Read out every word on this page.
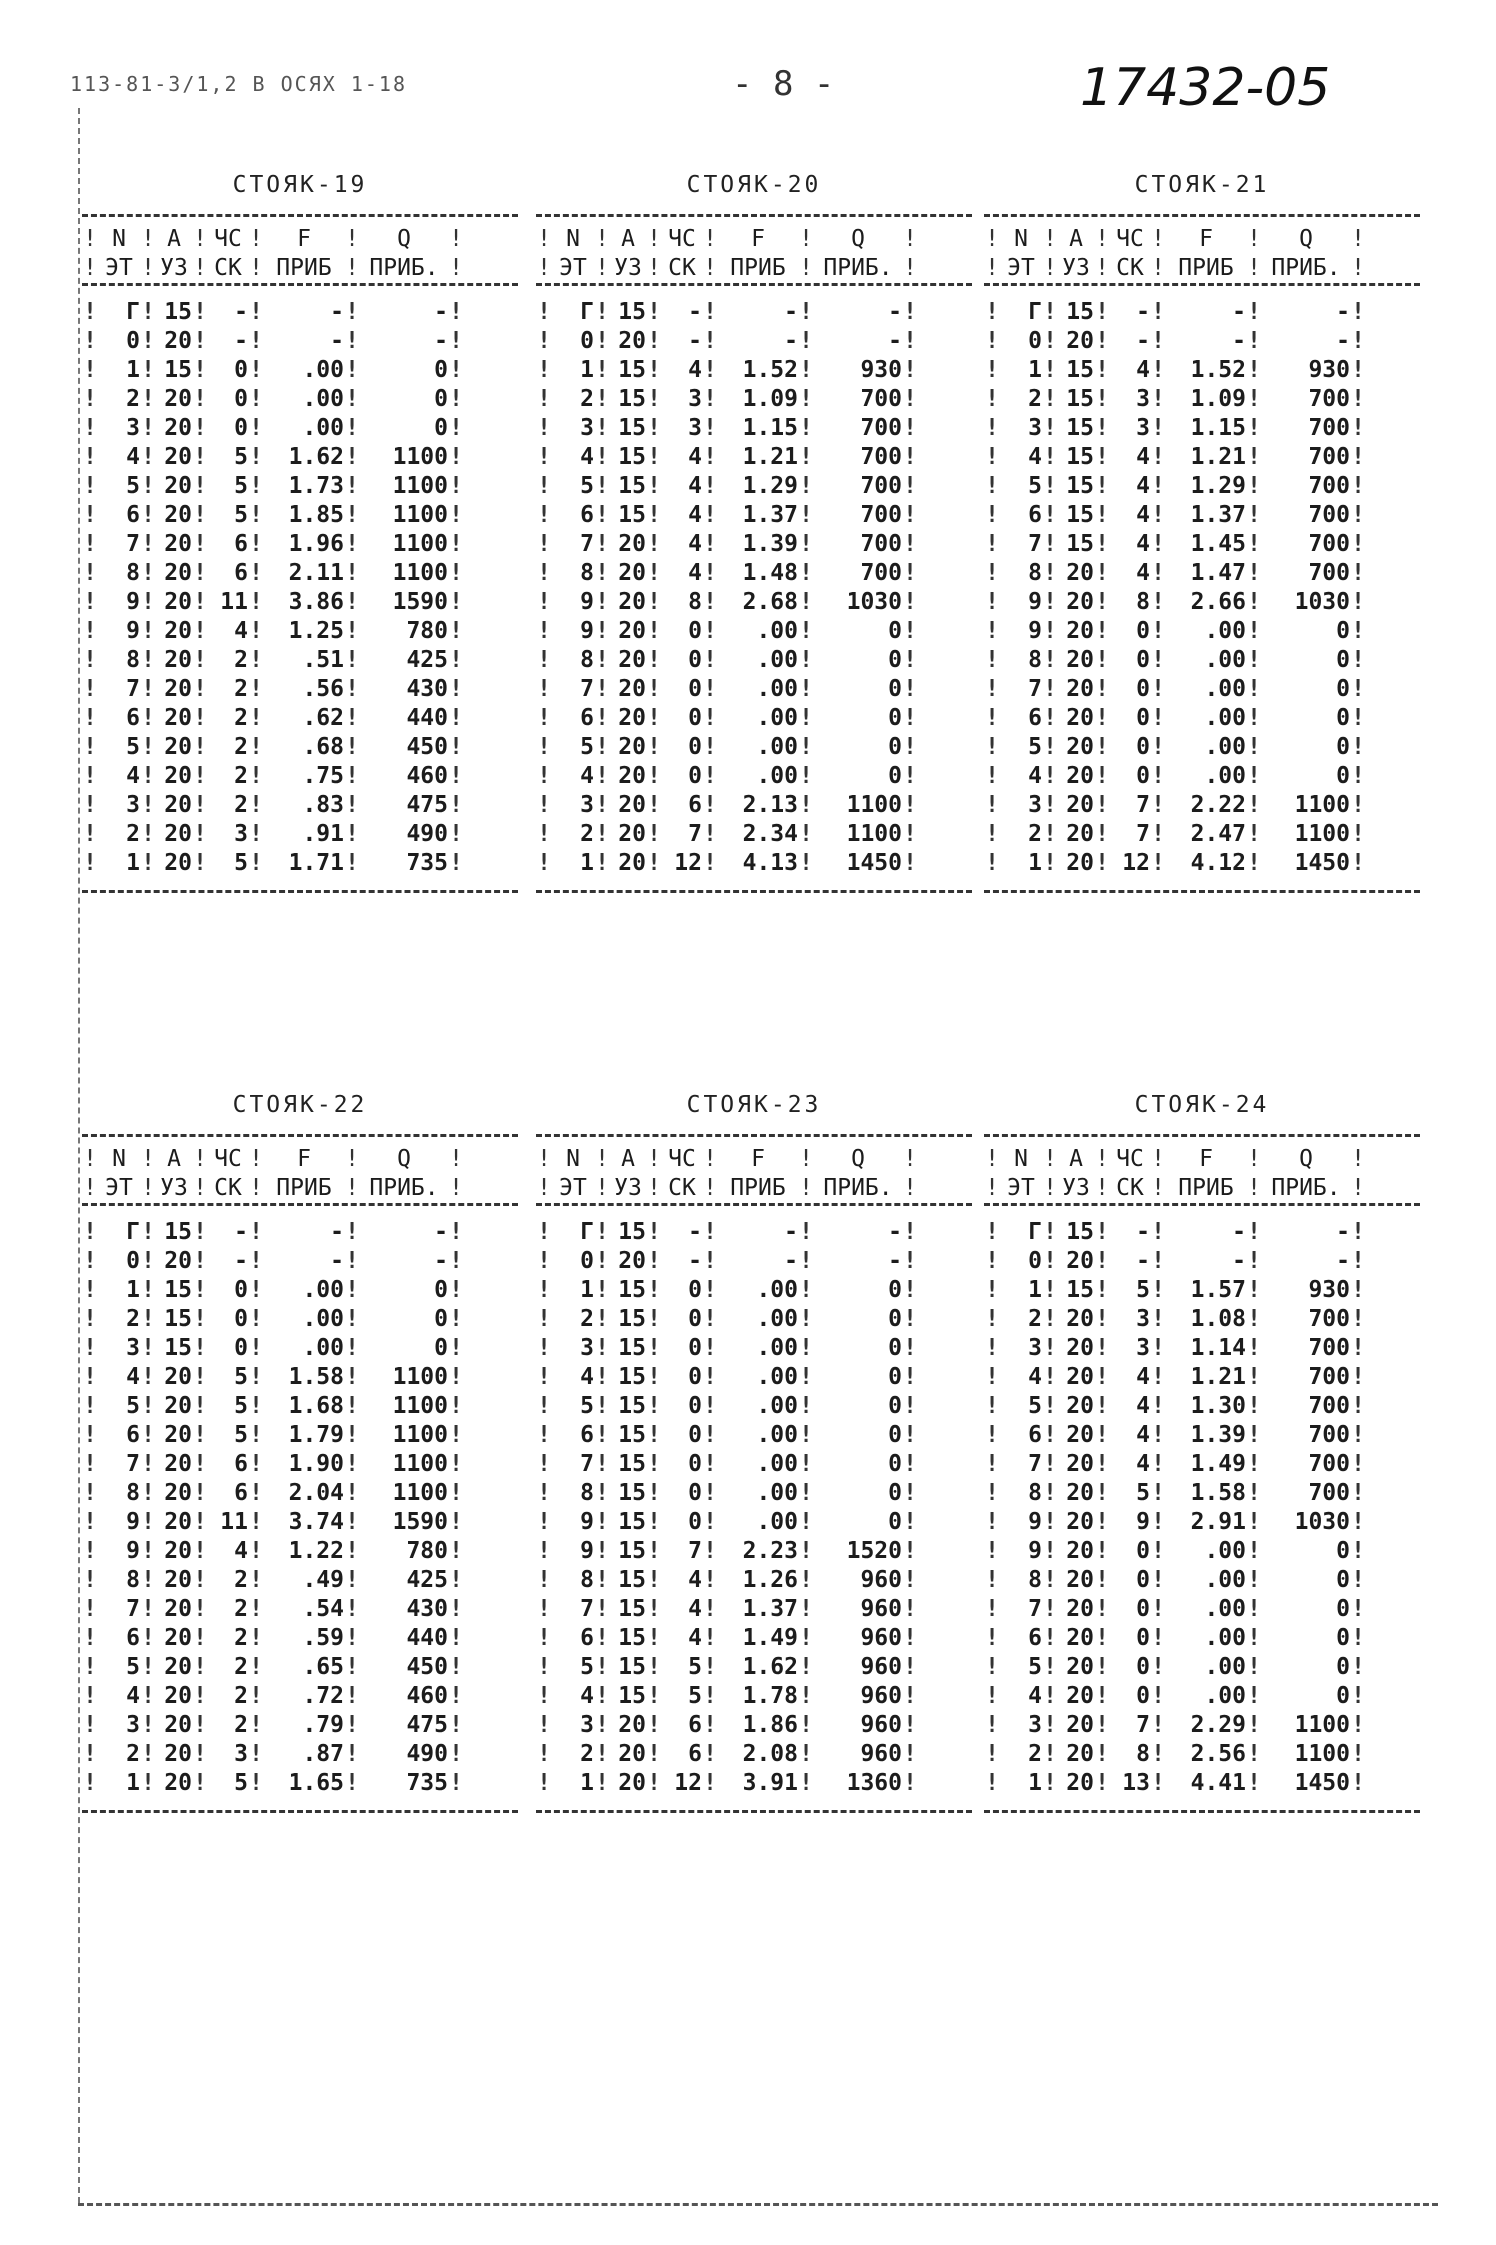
113-81-3/1,2 В ОСЯХ 1-18	- 8 -	17432-05
СТОЯК-19
! N ! А ! ЧС !	F	!	Q	!
! ЭТ ! УЗ ! СК ! ПРИБ ! ПРИБ. !
!	Г ! 15 !	- !	- !	- !
!	0 ! 20 !	- !	- !	- !
!	1 ! 15 !	0 !	.00 !	0 !
!	2 ! 20 !	0 !	.00 !	0 !
!	3 ! 20 !	0 !	.00 !	0 !
!	4 ! 20 !	5 !	1.62 !	1100 !
!	5 ! 20 !	5 !	1.73 !	1100 !
!	6 ! 20 !	5 !	1.85 !	1100 !
!	7 ! 20 !	6 !	1.96 !	1100 !
!	8 ! 20 !	6 !	2.11 !	1100 !
!	9 ! 20 ! 11 !	3.86 !	1590 !
!	9 ! 20 !	4 !	1.25 !	780 !
!	8 ! 20 !	2 !	.51 !	425 !
!	7 ! 20 !	2 !	.56 !	430 !
!	6 ! 20 !	2 !	.62 !	440 !
!	5 ! 20 !	2 !	.68 !	450 !
!	4 ! 20 !	2 !	.75 !	460 !
!	3 ! 20 !	2 !	.83 !	475 !
!	2 ! 20 !	3 !	.91 !	490 !
!	1 ! 20 !	5 !	1.71 !	735 !
СТОЯК-20
! N ! А ! ЧС !	F	!	Q	!
! ЭТ ! УЗ ! СК ! ПРИБ ! ПРИБ. !
!	Г ! 15 !	- !	- !	- !
!	0 ! 20 !	- !	- !	- !
!	1 ! 15 !	4 !	1.52 !	930 !
!	2 ! 15 !	3 !	1.09 !	700 !
!	3 ! 15 !	3 !	1.15 !	700 !
!	4 ! 15 !	4 !	1.21 !	700 !
!	5 ! 15 !	4 !	1.29 !	700 !
!	6 ! 15 !	4 !	1.37 !	700 !
!	7 ! 20 !	4 !	1.39 !	700 !
!	8 ! 20 !	4 !	1.48 !	700 !
!	9 ! 20 !	8 !	2.68 !	1030 !
!	9 ! 20 !	0 !	.00 !	0 !
!	8 ! 20 !	0 !	.00 !	0 !
!	7 ! 20 !	0 !	.00 !	0 !
!	6 ! 20 !	0 !	.00 !	0 !
!	5 ! 20 !	0 !	.00 !	0 !
!	4 ! 20 !	0 !	.00 !	0 !
!	3 ! 20 !	6 !	2.13 !	1100 !
!	2 ! 20 !	7 !	2.34 !	1100 !
!	1 ! 20 ! 12 !	4.13 !	1450 !
СТОЯК-21
! N ! А ! ЧС !	F	!	Q	!
! ЭТ ! УЗ ! СК ! ПРИБ ! ПРИБ. !
!	Г ! 15 !	- !	- !	- !
!	0 ! 20 !	- !	- !	- !
!	1 ! 15 !	4 !	1.52 !	930 !
!	2 ! 15 !	3 !	1.09 !	700 !
!	3 ! 15 !	3 !	1.15 !	700 !
!	4 ! 15 !	4 !	1.21 !	700 !
!	5 ! 15 !	4 !	1.29 !	700 !
!	6 ! 15 !	4 !	1.37 !	700 !
!	7 ! 15 !	4 !	1.45 !	700 !
!	8 ! 20 !	4 !	1.47 !	700 !
!	9 ! 20 !	8 !	2.66 !	1030 !
!	9 ! 20 !	0 !	.00 !	0 !
!	8 ! 20 !	0 !	.00 !	0 !
!	7 ! 20 !	0 !	.00 !	0 !
!	6 ! 20 !	0 !	.00 !	0 !
!	5 ! 20 !	0 !	.00 !	0 !
!	4 ! 20 !	0 !	.00 !	0 !
!	3 ! 20 !	7 !	2.22 !	1100 !
!	2 ! 20 !	7 !	2.47 !	1100 !
!	1 ! 20 ! 12 !	4.12 !	1450 !
СТОЯК-22
! N ! А ! ЧС !	F	!	Q	!
! ЭТ ! УЗ ! СК ! ПРИБ ! ПРИБ. !
!	Г ! 15 !	- !	- !	- !
!	0 ! 20 !	- !	- !	- !
!	1 ! 15 !	0 !	.00 !	0 !
!	2 ! 15 !	0 !	.00 !	0 !
!	3 ! 15 !	0 !	.00 !	0 !
!	4 ! 20 !	5 !	1.58 !	1100 !
!	5 ! 20 !	5 !	1.68 !	1100 !
!	6 ! 20 !	5 !	1.79 !	1100 !
!	7 ! 20 !	6 !	1.90 !	1100 !
!	8 ! 20 !	6 !	2.04 !	1100 !
!	9 ! 20 ! 11 !	3.74 !	1590 !
!	9 ! 20 !	4 !	1.22 !	780 !
!	8 ! 20 !	2 !	.49 !	425 !
!	7 ! 20 !	2 !	.54 !	430 !
!	6 ! 20 !	2 !	.59 !	440 !
!	5 ! 20 !	2 !	.65 !	450 !
!	4 ! 20 !	2 !	.72 !	460 !
!	3 ! 20 !	2 !	.79 !	475 !
!	2 ! 20 !	3 !	.87 !	490 !
!	1 ! 20 !	5 !	1.65 !	735 !
СТОЯК-23
! N ! А ! ЧС !	F	!	Q	!
! ЭТ ! УЗ ! СК ! ПРИБ ! ПРИБ. !
!	Г ! 15 !	- !	- !	- !
!	0 ! 20 !	- !	- !	- !
!	1 ! 15 !	0 !	.00 !	0 !
!	2 ! 15 !	0 !	.00 !	0 !
!	3 ! 15 !	0 !	.00 !	0 !
!	4 ! 15 !	0 !	.00 !	0 !
!	5 ! 15 !	0 !	.00 !	0 !
!	6 ! 15 !	0 !	.00 !	0 !
!	7 ! 15 !	0 !	.00 !	0 !
!	8 ! 15 !	0 !	.00 !	0 !
!	9 ! 15 !	0 !	.00 !	0 !
!	9 ! 15 !	7 !	2.23 !	1520 !
!	8 ! 15 !	4 !	1.26 !	960 !
!	7 ! 15 !	4 !	1.37 !	960 !
!	6 ! 15 !	4 !	1.49 !	960 !
!	5 ! 15 !	5 !	1.62 !	960 !
!	4 ! 15 !	5 !	1.78 !	960 !
!	3 ! 20 !	6 !	1.86 !	960 !
!	2 ! 20 !	6 !	2.08 !	960 !
!	1 ! 20 ! 12 !	3.91 !	1360 !
СТОЯК-24
! N ! А ! ЧС !	F	!	Q	!
! ЭТ ! УЗ ! СК ! ПРИБ ! ПРИБ. !
!	Г ! 15 !	- !	- !	- !
!	0 ! 20 !	- !	- !	- !
!	1 ! 15 !	5 !	1.57 !	930 !
!	2 ! 20 !	3 !	1.08 !	700 !
!	3 ! 20 !	3 !	1.14 !	700 !
!	4 ! 20 !	4 !	1.21 !	700 !
!	5 ! 20 !	4 !	1.30 !	700 !
!	6 ! 20 !	4 !	1.39 !	700 !
!	7 ! 20 !	4 !	1.49 !	700 !
!	8 ! 20 !	5 !	1.58 !	700 !
!	9 ! 20 !	9 !	2.91 !	1030 !
!	9 ! 20 !	0 !	.00 !	0 !
!	8 ! 20 !	0 !	.00 !	0 !
!	7 ! 20 !	0 !	.00 !	0 !
!	6 ! 20 !	0 !	.00 !	0 !
!	5 ! 20 !	0 !	.00 !	0 !
!	4 ! 20 !	0 !	.00 !	0 !
!	3 ! 20 !	7 !	2.29 !	1100 !
!	2 ! 20 !	8 !	2.56 !	1100 !
!	1 ! 20 ! 13 !	4.41 !	1450 !
